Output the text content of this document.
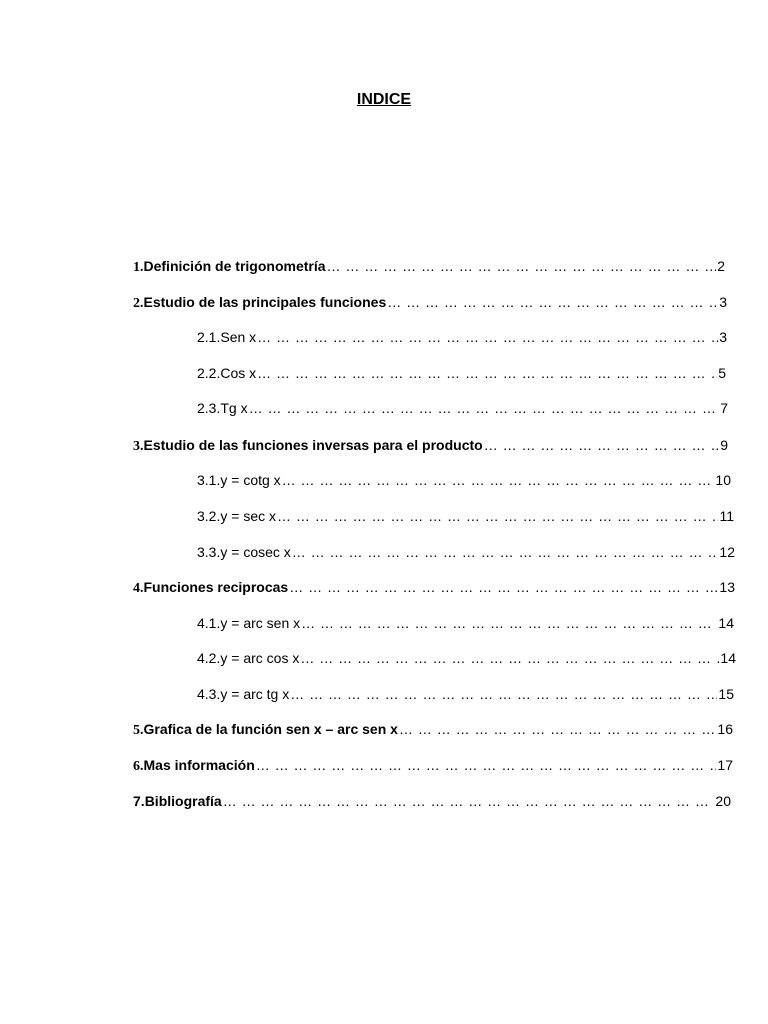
INDICE
1. Definición de trigonometría … … … … … … … … … … … … … … … … … … … … … … … … … … … … … … … … … … … … … … … … … … … … … … … … … … … … … … … … … … … … … … …	2
2. Estudio de las principales funciones … … … … … … … … … … … … … … … … … … … … … … … … … … … … … … … … … … … … … … … … … … … … … … … … … … … … … … … … … … … … … … …	3
2.1. Sen x … … … … … … … … … … … … … … … … … … … … … … … … … … … … … … … … … … … … … … … … … … … … … … … … … … … … … … … … … … … … … … …	3
2.2. Cos x … … … … … … … … … … … … … … … … … … … … … … … … … … … … … … … … … … … … … … … … … … … … … … … … … … … … … … … … … … … … … … …	5
2.3. Tg x … … … … … … … … … … … … … … … … … … … … … … … … … … … … … … … … … … … … … … … … … … … … … … … … … … … … … … … … … … … … … … …	7
3. Estudio de las funciones inversas para el producto … … … … … … … … … … … … … … … … … … … … … … … … … … … … … … … … … … … … … … … … … … … … … … … … … … … … … … … … … … … … … … …	9
3.1. y = cotg x … … … … … … … … … … … … … … … … … … … … … … … … … … … … … … … … … … … … … … … … … … … … … … … … … … … … … … … … … … … … … … …	10
3.2. y = sec x … … … … … … … … … … … … … … … … … … … … … … … … … … … … … … … … … … … … … … … … … … … … … … … … … … … … … … … … … … … … … … …	11
3.3. y = cosec x … … … … … … … … … … … … … … … … … … … … … … … … … … … … … … … … … … … … … … … … … … … … … … … … … … … … … … … … … … … … … … …	12
4. Funciones reciprocas … … … … … … … … … … … … … … … … … … … … … … … … … … … … … … … … … … … … … … … … … … … … … … … … … … … … … … … … … … … … … … …	13
4.1. y = arc sen x … … … … … … … … … … … … … … … … … … … … … … … … … … … … … … … … … … … … … … … … … … … … … … … … … … … … … … … … … … … … … … …	14
4.2. y = arc cos x … … … … … … … … … … … … … … … … … … … … … … … … … … … … … … … … … … … … … … … … … … … … … … … … … … … … … … … … … … … … … … …	14
4.3. y = arc tg x … … … … … … … … … … … … … … … … … … … … … … … … … … … … … … … … … … … … … … … … … … … … … … … … … … … … … … … … … … … … … … …	15
5. Grafica de la función sen x – arc sen x … … … … … … … … … … … … … … … … … … … … … … … … … … … … … … … … … … … … … … … … … … … … … … … … … … … … … … … … … … … … … … …	16
6. Mas información … … … … … … … … … … … … … … … … … … … … … … … … … … … … … … … … … … … … … … … … … … … … … … … … … … … … … … … … … … … … … … …	17
7. Bibliografía … … … … … … … … … … … … … … … … … … … … … … … … … … … … … … … … … … … … … … … … … … … … … … … … … … … … … … … … … … … … … … …	20
